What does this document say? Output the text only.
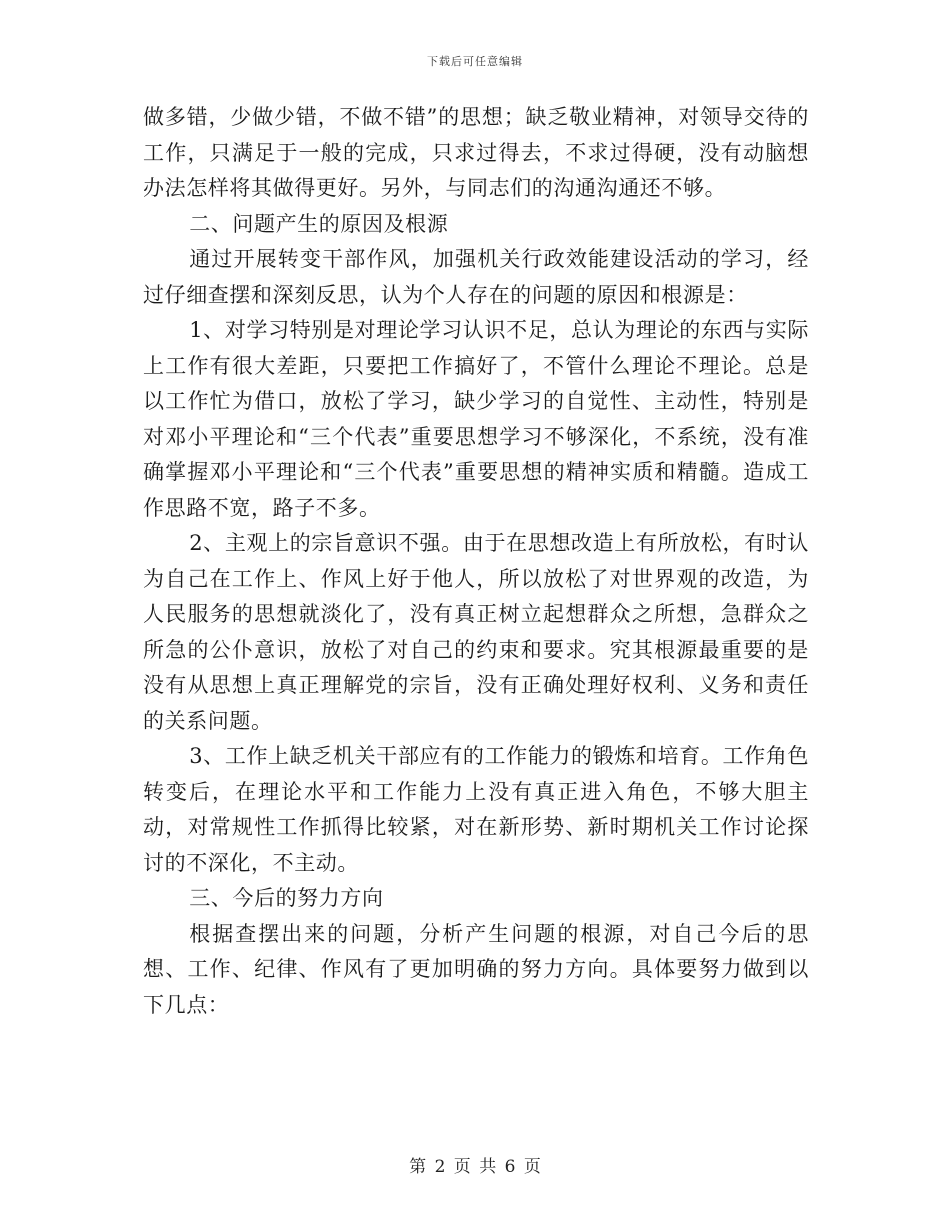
下载后可任意编辑

做多错，少做少错，不做不错”的思想；缺乏敬业精神，对领导交待的工作，只满足于一般的完成，只求过得去，不求过得硬，没有动脑想办法怎样将其做得更好。另外，与同志们的沟通沟通还不够。

二、问题产生的原因及根源

通过开展转变干部作风，加强机关行政效能建设活动的学习，经过仔细查摆和深刻反思，认为个人存在的问题的原因和根源是：

1、对学习特别是对理论学习认识不足，总认为理论的东西与实际上工作有很大差距，只要把工作搞好了，不管什么理论不理论。总是以工作忙为借口，放松了学习，缺少学习的自觉性、主动性，特别是对邓小平理论和“三个代表”重要思想学习不够深化，不系统，没有准确掌握邓小平理论和“三个代表”重要思想的精神实质和精髓。造成工作思路不宽，路子不多。

2、主观上的宗旨意识不强。由于在思想改造上有所放松，有时认为自己在工作上、作风上好于他人，所以放松了对世界观的改造，为人民服务的思想就淡化了，没有真正树立起想群众之所想，急群众之所急的公仆意识，放松了对自己的约束和要求。究其根源最重要的是没有从思想上真正理解党的宗旨，没有正确处理好权利、义务和责任的关系问题。

3、工作上缺乏机关干部应有的工作能力的锻炼和培育。工作角色转变后，在理论水平和工作能力上没有真正进入角色，不够大胆主动，对常规性工作抓得比较紧，对在新形势、新时期机关工作讨论探讨的不深化，不主动。

三、今后的努力方向

根据查摆出来的问题，分析产生问题的根源，对自己今后的思想、工作、纪律、作风有了更加明确的努力方向。具体要努力做到以下几点：

第 2 页 共 6 页
